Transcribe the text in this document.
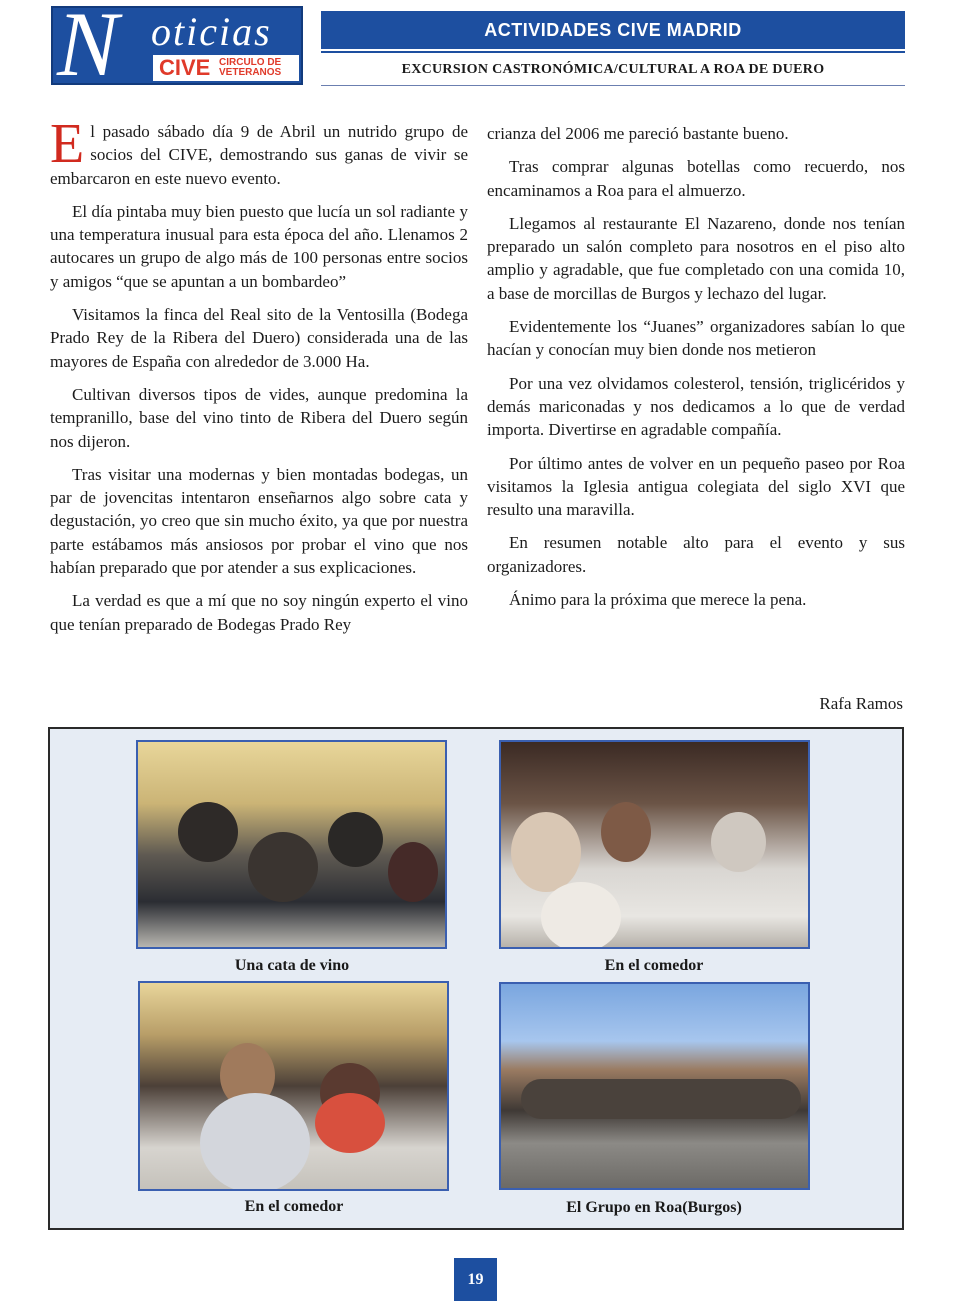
N oticias
CIVE CIRCULO DE
VETERANOS
ACTIVIDADES CIVE MADRID
EXCURSION CASTRONÓMICA/CULTURAL A ROA DE DUERO

El pasado sábado día 9 de Abril un nutrido grupo de socios del CIVE, demostrando sus ganas de vivir se embarcaron en este nuevo evento.

El día pintaba muy bien puesto que lucía un sol radiante y una temperatura inusual para esta época del año. Llenamos 2 autocares un grupo de algo más de 100 personas entre socios y amigos “que se apuntan a un bombardeo”

Visitamos la finca del Real sito de la Ventosilla (Bodega Prado Rey de la Ribera del Duero) considerada una de las mayores de España con alrededor de 3.000 Ha.

Cultivan diversos tipos de vides, aunque predomina la tempranillo, base del vino tinto de Ribera del Duero según nos dijeron.

Tras visitar una modernas y bien montadas bodegas, un par de jovencitas intentaron enseñarnos algo sobre cata y degustación, yo creo que sin mucho éxito, ya que por nuestra parte estábamos más ansiosos por probar el vino que nos habían preparado que por atender a sus explicaciones.

La verdad es que a mí que no soy ningún experto el vino que tenían preparado de Bodegas Prado Rey

crianza del 2006 me pareció bastante bueno.

Tras comprar algunas botellas como recuerdo, nos encaminamos a Roa para el almuerzo.

Llegamos al restaurante El Nazareno, donde nos tenían preparado un salón completo para nosotros en el piso alto amplio y agradable, que fue completado con una comida 10, a base de morcillas de Burgos y lechazo del lugar.

Evidentemente los “Juanes” organizadores sabían lo que hacían y conocían muy bien donde nos metieron

Por una vez olvidamos colesterol, tensión, triglicéridos y demás mariconadas y nos dedicamos a lo que de verdad importa. Divertirse en agradable compañía.

Por último antes de volver en un pequeño paseo por Roa visitamos la Iglesia antigua colegiata del siglo XVI que resulto una maravilla.

En resumen notable alto para el evento y sus organizadores.

Ánimo para la próxima que merece la pena.

Rafa Ramos
Una cata de vino	En el comedor
En el comedor	El Grupo en Roa(Burgos)
19
